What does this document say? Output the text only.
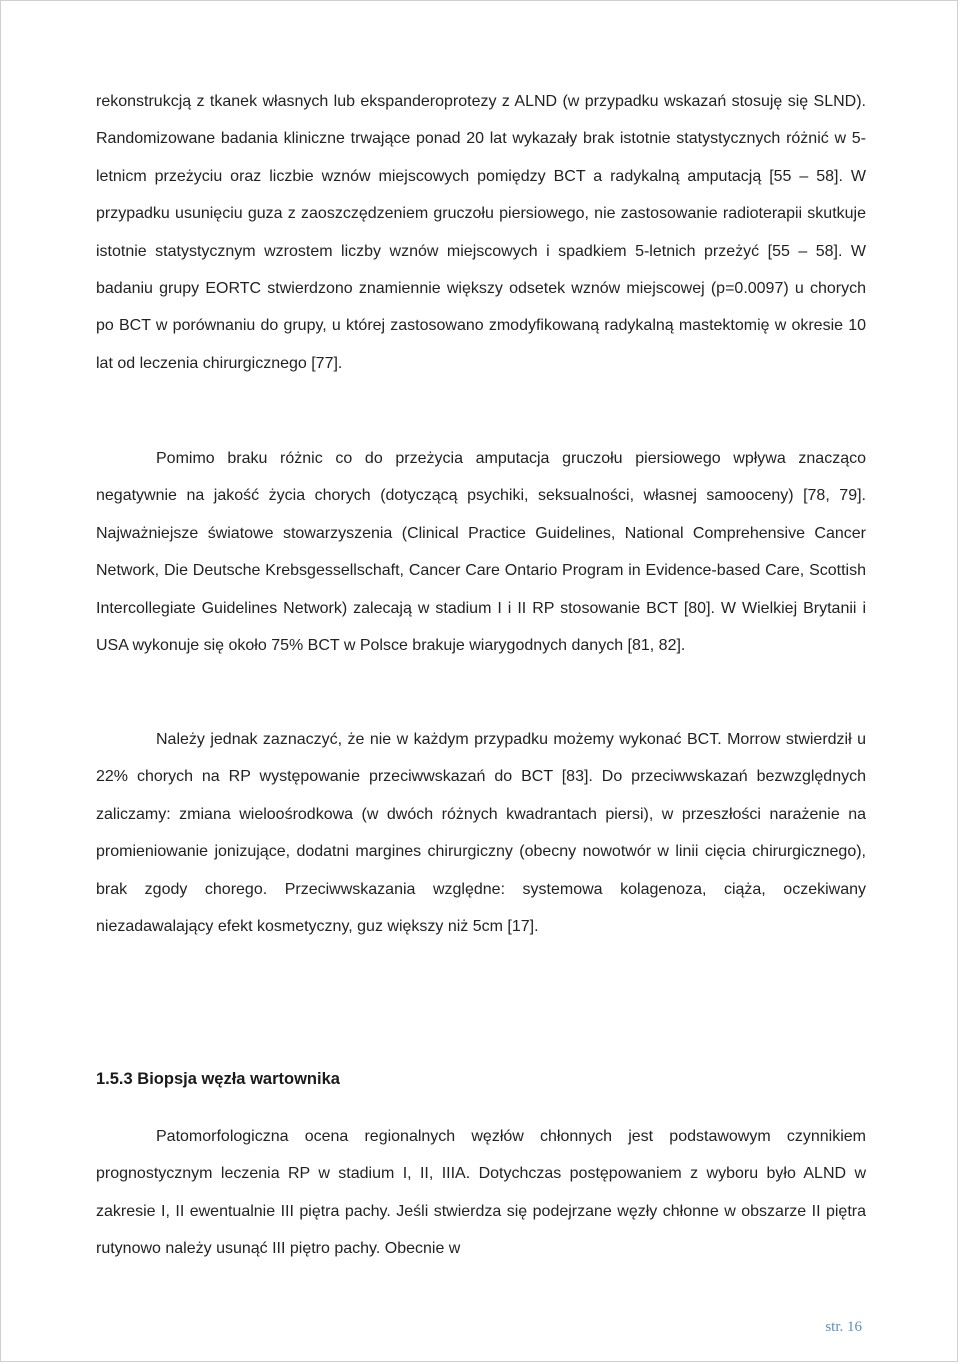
rekonstrukcją z tkanek własnych lub ekspanderoprotezy z ALND (w przypadku wskazań stosuję się SLND). Randomizowane badania kliniczne trwające ponad 20 lat wykazały brak istotnie statystycznych różnić w 5-letnicm przeżyciu oraz liczbie wznów miejscowych pomiędzy BCT a radykalną amputacją [55 ‒ 58]. W przypadku usunięciu guza z zaoszczędzeniem gruczołu piersiowego, nie zastosowanie radioterapii skutkuje istotnie statystycznym wzrostem liczby wznów miejscowych i spadkiem 5-letnich przeżyć [55 ‒ 58]. W badaniu grupy EORTC stwierdzono znamiennie większy odsetek wznów miejscowej (p=0.0097) u chorych po BCT w porównaniu do grupy, u której zastosowano zmodyfikowaną radykalną mastektomię w okresie 10 lat od leczenia chirurgicznego [77].

Pomimo braku różnic co do przeżycia amputacja gruczołu piersiowego wpływa znacząco negatywnie na jakość życia chorych (dotyczącą psychiki, seksualności, własnej samooceny) [78, 79]. Najważniejsze światowe stowarzyszenia (Clinical Practice Guidelines, National Comprehensive Cancer Network, Die Deutsche Krebsgessellschaft, Cancer Care Ontario Program in Evidence-based Care, Scottish Intercollegiate Guidelines Network) zalecają w stadium I i II RP stosowanie BCT [80]. W Wielkiej Brytanii i USA wykonuje się około 75% BCT w Polsce brakuje wiarygodnych danych [81, 82].

Należy jednak zaznaczyć, że nie w każdym przypadku możemy wykonać BCT. Morrow stwierdził u 22% chorych na RP występowanie przeciwwskazań do BCT [83]. Do przeciwwskazań bezwzględnych zaliczamy: zmiana wieloośrodkowa (w dwóch różnych kwadrantach piersi), w przeszłości narażenie na promieniowanie jonizujące, dodatni margines chirurgiczny (obecny nowotwór w linii cięcia chirurgicznego), brak zgody chorego. Przeciwwskazania względne: systemowa kolagenoza, ciąża, oczekiwany niezadawalający efekt kosmetyczny, guz większy niż 5cm [17].

1.5.3 Biopsja węzła wartownika

Patomorfologiczna ocena regionalnych węzłów chłonnych jest podstawowym czynnikiem prognostycznym leczenia RP w stadium I, II, IIIA. Dotychczas postępowaniem z wyboru było ALND w zakresie I, II ewentualnie III piętra pachy. Jeśli stwierdza się podejrzane węzły chłonne w obszarze II piętra rutynowo należy usunąć III piętro pachy. Obecnie w

str. 16
